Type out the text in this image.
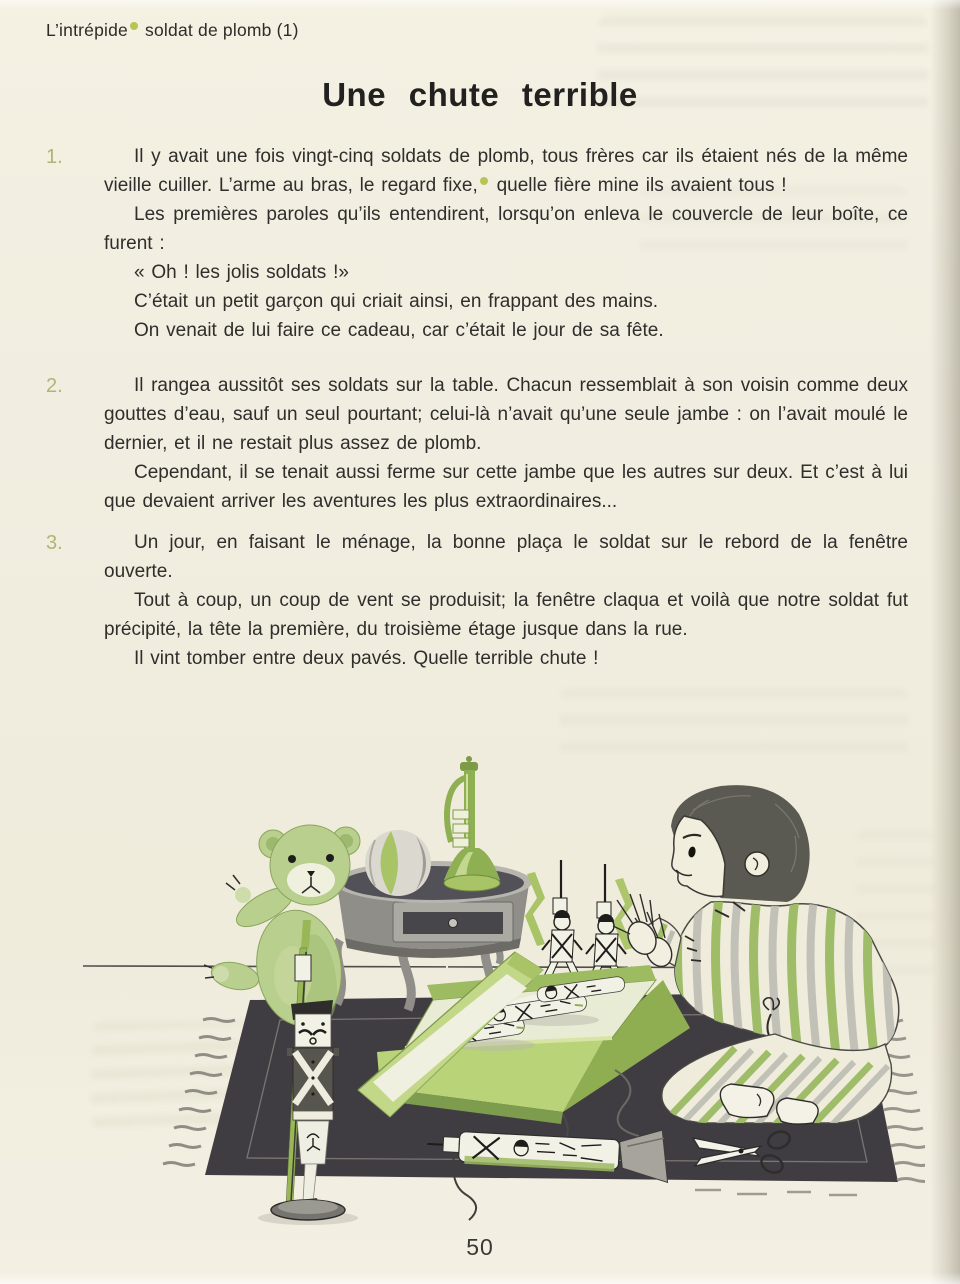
L’intrépide soldat de plomb (1)
Une chute terrible
1.	Il y avait une fois vingt-cinq soldats de plomb, tous frères car ils étaient nés de la même vieille cuiller. L’arme au bras, le regard fixe, quelle fière mine ils avaient tous !

Les premières paroles qu’ils entendirent, lorsqu’on enleva le couvercle de leur boîte, ce furent :

« Oh ! les jolis soldats !»

C’était un petit garçon qui criait ainsi, en frappant des mains.

On venait de lui faire ce cadeau, car c’était le jour de sa fête.

2.	Il rangea aussitôt ses soldats sur la table. Chacun ressemblait à son voisin comme deux gouttes d’eau, sauf un seul pourtant; celui-là n’avait qu’une seule jambe : on l’avait moulé le dernier, et il ne restait plus assez de plomb.

Cependant, il se tenait aussi ferme sur cette jambe que les autres sur deux. Et c’est à lui que devaient arriver les aventures les plus extraordinaires...

3.	Un jour, en faisant le ménage, la bonne plaça le soldat sur le rebord de la fenêtre ouverte.

Tout à coup, un coup de vent se produisit; la fenêtre claqua et voilà que notre soldat fut précipité, la tête la première, du troisième étage jusque dans la rue.

Il vint tomber entre deux pavés. Quelle terrible chute !

50
